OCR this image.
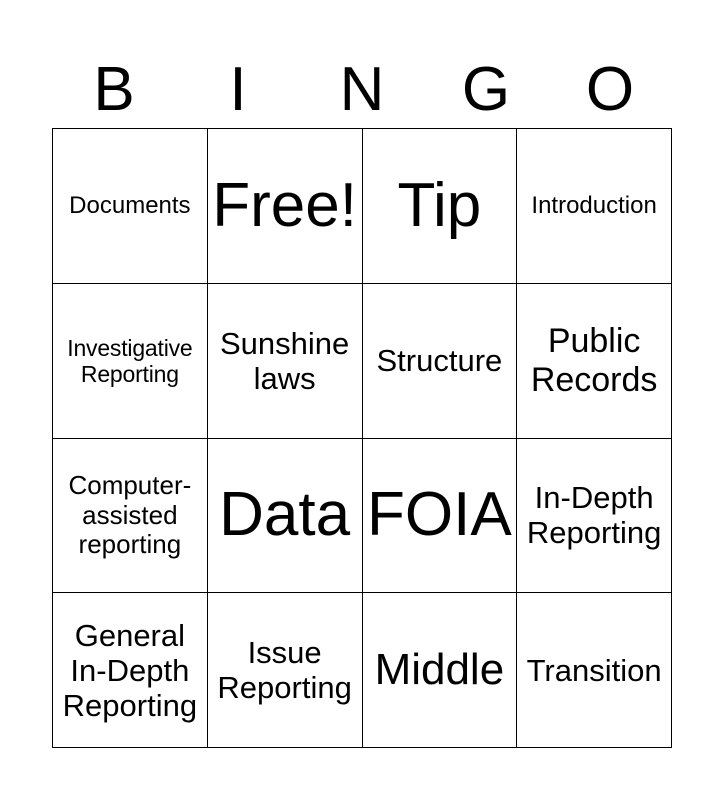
B	I	N	G	O
Documents Free! Tip Introduction
Investigative
Reporting
Sunshine
laws
Structure
Public
Records
Computer-
assisted
reporting Data FOIA In-Depth
Reporting
General
In-Depth
Reporting
Issue
Reporting Middle Transition
